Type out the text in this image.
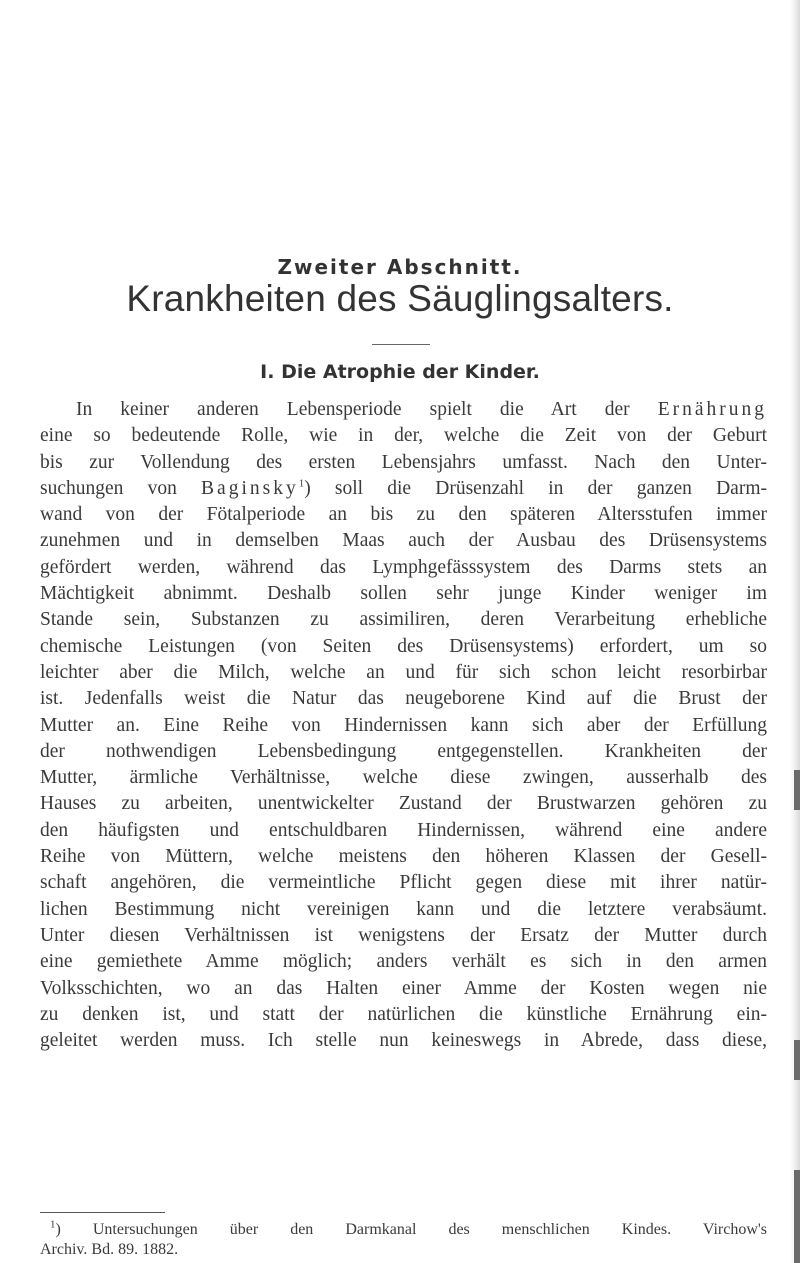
Zweiter Abschnitt.
Krankheiten des Säuglingsalters.
I. Die Atrophie der Kinder.
In keiner anderen Lebensperiode spielt die Art der Ernährung
eine so bedeutende Rolle, wie in der, welche die Zeit von der Geburt
bis zur Vollendung des ersten Lebensjahrs umfasst. Nach den Unter-
suchungen von Baginsky$^1$) soll die Drüsenzahl in der ganzen Darm-
wand von der Fötalperiode an bis zu den späteren Altersstufen immer
zunehmen und in demselben Maas auch der Ausbau des Drüsensystems
gefördert werden, während das Lymphgefässsystem des Darms stets an
Mächtigkeit abnimmt. Deshalb sollen sehr junge Kinder weniger im
Stande sein, Substanzen zu assimiliren, deren Verarbeitung erhebliche
chemische Leistungen (von Seiten des Drüsensystems) erfordert, um so
leichter aber die Milch, welche an und für sich schon leicht resorbirbar
ist. Jedenfalls weist die Natur das neugeborene Kind auf die Brust der
Mutter an. Eine Reihe von Hindernissen kann sich aber der Erfüllung
der nothwendigen Lebensbedingung entgegenstellen. Krankheiten der
Mutter, ärmliche Verhältnisse, welche diese zwingen, ausserhalb des
Hauses zu arbeiten, unentwickelter Zustand der Brustwarzen gehören zu
den häufigsten und entschuldbaren Hindernissen, während eine andere
Reihe von Müttern, welche meistens den höheren Klassen der Gesell-
schaft angehören, die vermeintliche Pflicht gegen diese mit ihrer natür-
lichen Bestimmung nicht vereinigen kann und die letztere verabsäumt.
Unter diesen Verhältnissen ist wenigstens der Ersatz der Mutter durch
eine gemiethete Amme möglich; anders verhält es sich in den armen
Volksschichten, wo an das Halten einer Amme der Kosten wegen nie
zu denken ist, und statt der natürlichen die künstliche Ernährung ein-
geleitet werden muss. Ich stelle nun keineswegs in Abrede, dass diese,
$^1$) Untersuchungen über den Darmkanal des menschlichen Kindes. Virchow's
Archiv. Bd. 89. 1882.
